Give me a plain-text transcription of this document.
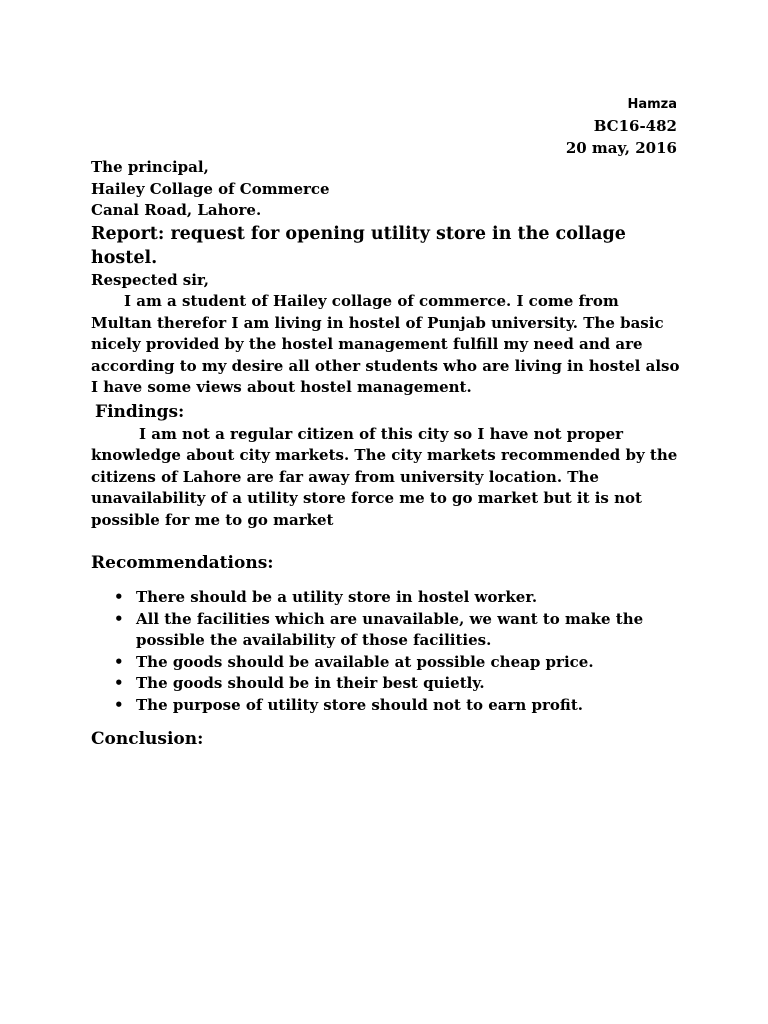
Hamza
BC16-482
20 may, 2016
The principal,
Hailey Collage of Commerce
Canal Road, Lahore.
Report: request for opening utility store in the collage hostel.
Respected sir,

I am a student of Hailey collage of commerce. I come from Multan therefor I am living in hostel of Punjab university. The basic nicely provided by the hostel management fulfill my need and are according to my desire all other students who are living in hostel also I have some views about hostel management.

Findings:

I am not a regular citizen of this city so I have not proper knowledge about city markets. The city markets recommended by the citizens of Lahore are far away from university location. The unavailability of a utility store force me to go market but it is not possible for me to go market

Recommendations:
• There should be a utility store in hostel worker.
• All the facilities which are unavailable, we want to make the possible the availability of those facilities.
• The goods should be available at possible cheap price.
• The goods should be in their best quietly.
• The purpose of utility store should not to earn profit.
Conclusion:
